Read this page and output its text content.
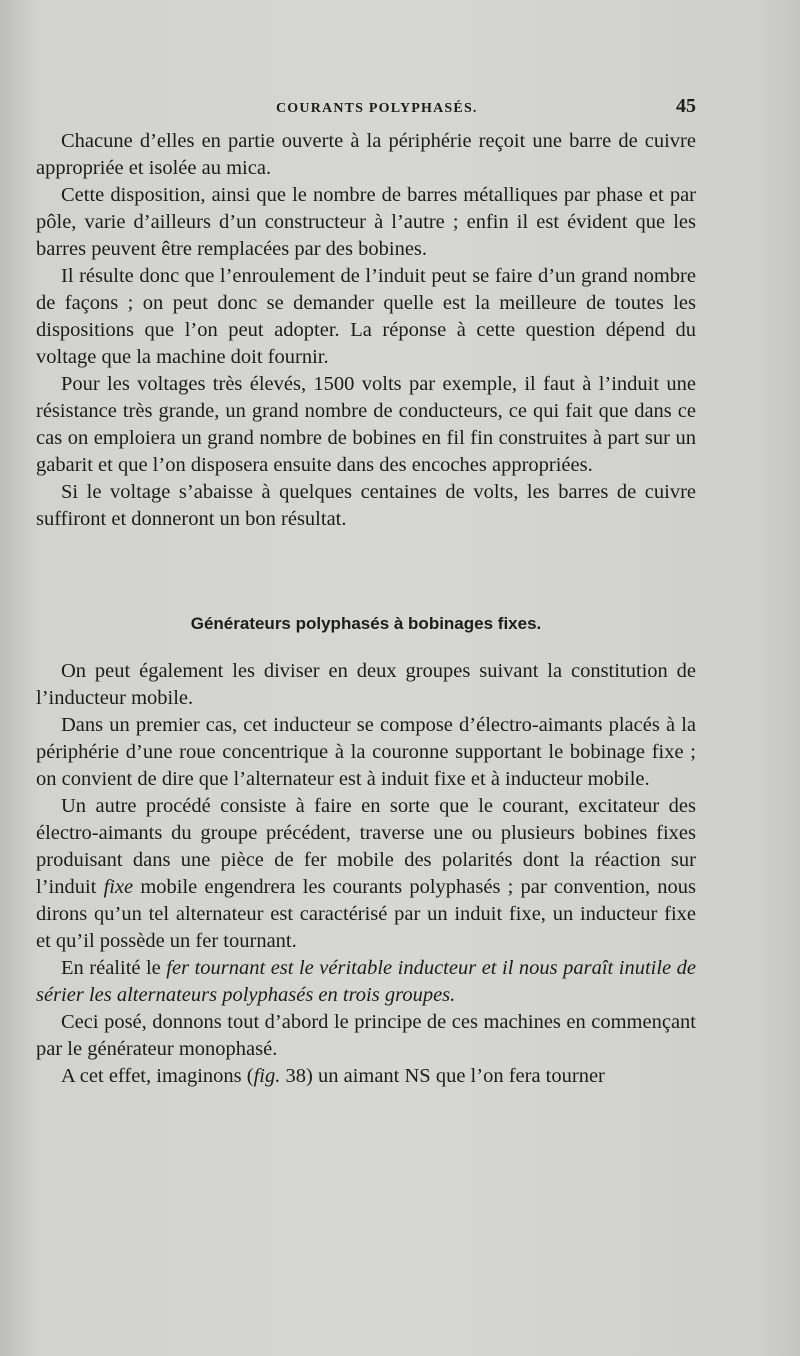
COURANTS POLYPHASÉS.	45

Chacune d’elles en partie ouverte à la périphérie reçoit une barre de cuivre appropriée et isolée au mica.

Cette disposition, ainsi que le nombre de barres métalliques par phase et par pôle, varie d’ailleurs d’un constructeur à l’autre ; enfin il est évident que les barres peuvent être remplacées par des bobines.

Il résulte donc que l’enroulement de l’induit peut se faire d’un grand nombre de façons ; on peut donc se demander quelle est la meilleure de toutes les dispositions que l’on peut adopter. La réponse à cette question dépend du voltage que la machine doit fournir.

Pour les voltages très élevés, 1500 volts par exemple, il faut à l’induit une résistance très grande, un grand nombre de conducteurs, ce qui fait que dans ce cas on emploiera un grand nombre de bobines en fil fin construites à part sur un gabarit et que l’on disposera ensuite dans des encoches appropriées.

Si le voltage s’abaisse à quelques centaines de volts, les barres de cuivre suffiront et donneront un bon résultat.

Générateurs polyphasés à bobinages fixes.

On peut également les diviser en deux groupes suivant la constitution de l’inducteur mobile.

Dans un premier cas, cet inducteur se compose d’électro-aimants placés à la périphérie d’une roue concentrique à la couronne supportant le bobinage fixe ; on convient de dire que l’alternateur est à induit fixe et à inducteur mobile.

Un autre procédé consiste à faire en sorte que le courant, excitateur des électro-aimants du groupe précédent, traverse une ou plusieurs bobines fixes produisant dans une pièce de fer mobile des polarités dont la réaction sur l’induit fixe mobile engendrera les courants polyphasés ; par convention, nous dirons qu’un tel alternateur est caractérisé par un induit fixe, un inducteur fixe et qu’il possède un fer tournant.

En réalité le fer tournant est le véritable inducteur et il nous paraît inutile de sérier les alternateurs polyphasés en trois groupes.

Ceci posé, donnons tout d’abord le principe de ces machines en commençant par le générateur monophasé.

A cet effet, imaginons (fig. 38) un aimant NS que l’on fera tourner
